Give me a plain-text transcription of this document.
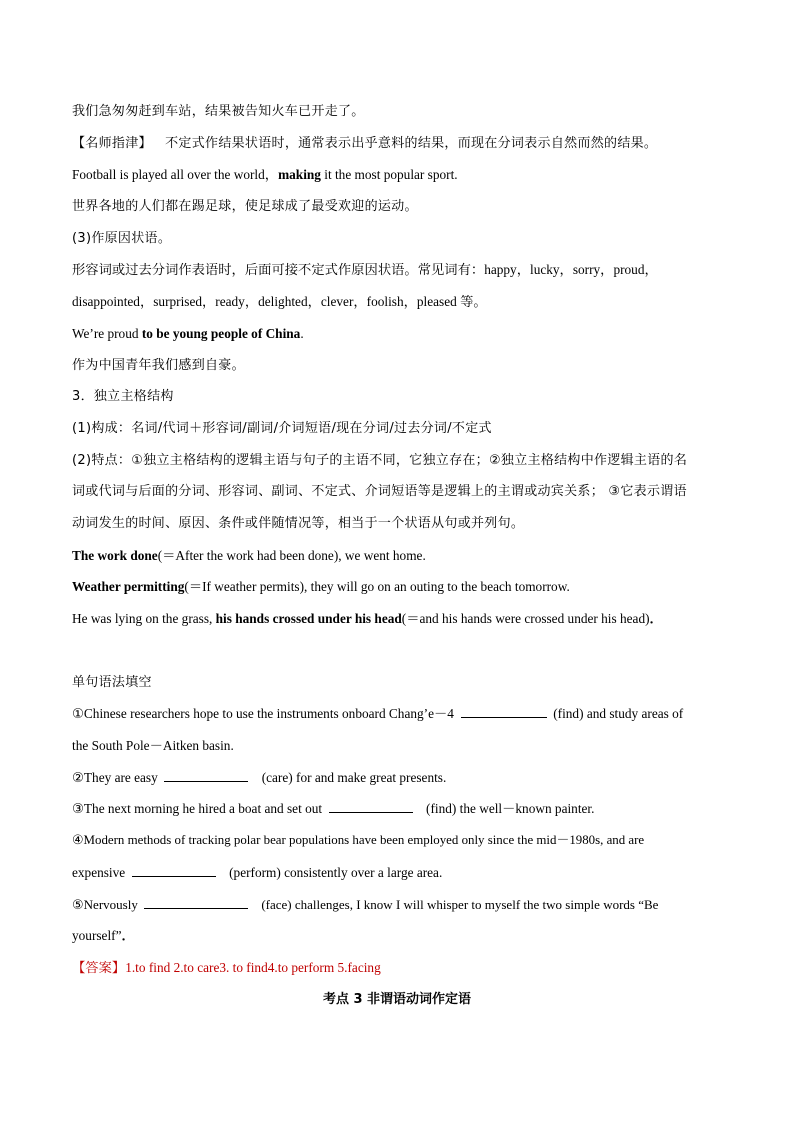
我们急匆匆赶到车站，结果被告知火车已开走了。
【名师指津】 不定式作结果状语时，通常表示出乎意料的结果，而现在分词表示自然而然的结果。
Football is played all over the world，making it the most popular sport.
世界各地的人们都在踢足球，使足球成了最受欢迎的运动。
(3)作原因状语。
形容词或过去分词作表语时，后面可接不定式作原因状语。常见词有：happy，lucky，sorry，proud，
disappointed，surprised，ready，delighted，clever，foolish，pleased 等。
We’re proud to be young people of China.
作为中国青年我们感到自豪。
3．独立主格结构
(1)构成：名词/代词＋形容词/副词/介词短语/现在分词/过去分词/不定式
(2)特点：①独立主格结构的逻辑主语与句子的主语不同，它独立存在；②独立主格结构中作逻辑主语的名
词或代词与后面的分词、形容词、副词、不定式、介词短语等是逻辑上的主谓或动宾关系； ③它表示谓语
动词发生的时间、原因、条件或伴随情况等，相当于一个状语从句或并列句。
The work done(＝After the work had been done), we went home.
Weather permitting(＝If weather permits), they will go on an outing to the beach tomorrow.
He was lying on the grass, his hands crossed under his head(＝and his hands were crossed under his head)．
单句语法填空
①Chinese researchers hope to use the instruments onboard Chang’e－4	(find) and study areas of
the South Pole－Aitken basin.
②They are easy	(care) for and make great presents.
③The next morning he hired a boat and set out	(find) the well－known painter.
④Modern methods of tracking polar bear populations have been employed only since the mid－1980s, and are
expensive	(perform) consistently over a large area.
⑤Nervously	(face) challenges, I know I will whisper to myself the two simple words “Be
yourself”．
【答案】1.to find 2.to care3. to find4.to perform 5.facing
考点 3 非谓语动词作定语
